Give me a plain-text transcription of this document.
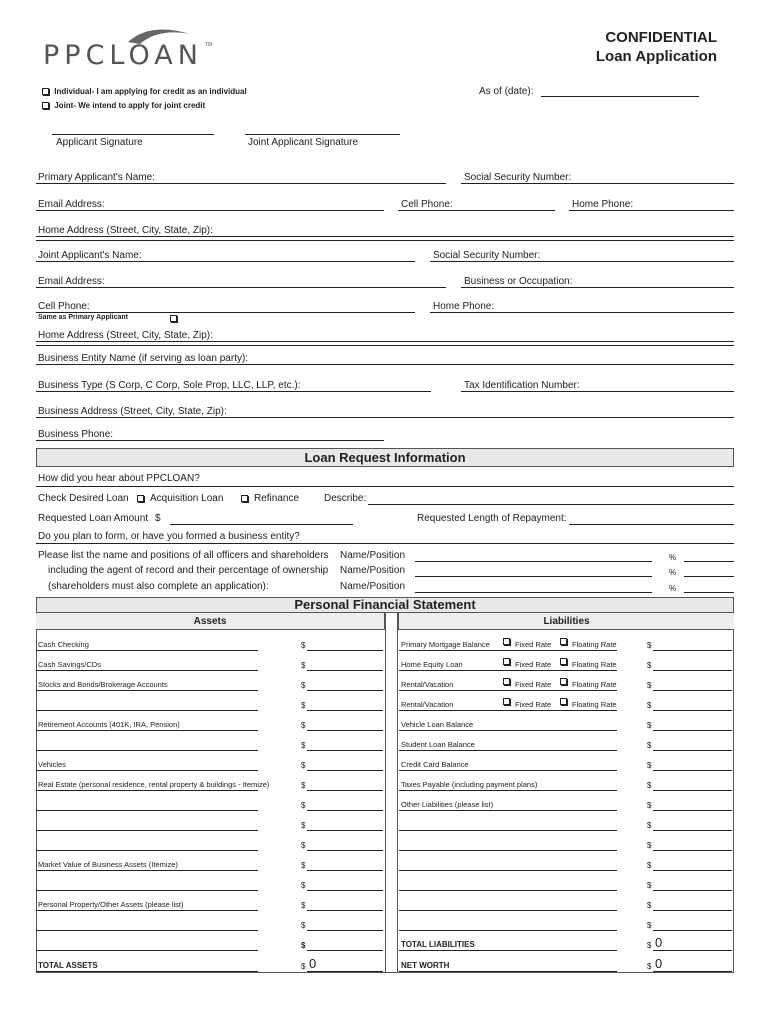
PPCLOAN TM	CONFIDENTIAL
Loan Application
Individual- I am applying for credit as an individual
Joint- We intend to apply for joint credit
As of (date):
Applicant Signature	Joint Applicant Signature
Primary Applicant's Name:	Social Security Number:
Email Address:	Cell Phone:	Home Phone:
Home Address (Street, City, State, Zip):
Joint Applicant's Name:	Social Security Number:
Email Address:	Business or Occupation:
Cell Phone:	Home Phone:
Same as Primary Applicant
Home Address (Street, City, State, Zip):
Business Entity Name (if serving as loan party):
Business Type (S Corp, C Corp, Sole Prop, LLC, LLP, etc.):	Tax Identification Number:
Business Address (Street, City, State, Zip):
Business Phone:
Loan Request Information
How did you hear about PPCLOAN?
Check Desired Loan Acquisition Loan	Refinance Describe:
Requested Loan Amount $	Requested Length of Repayment:
Do you plan to form, or have you formed a business entity?
Please list the name and positions of all officers and shareholders
including the agent of record and their percentage of ownership
(shareholders must also complete an application):
Name/Position	%
Name/Position	%
Name/Position	%
Personal Financial Statement
Assets	Liabilities
Cash Checking	$	Primary Mortgage Balance	Fixed Rate	Floating Rate	$
Cash Savings/CDs	$	Home Equity Loan	Fixed Rate	Floating Rate	$
Stocks and Bonds/Brokerage Accounts	$	Rental/Vacation	Fixed Rate	Floating Rate	$
$	Rental/Vacation	Fixed Rate	Floating Rate	$
Retirement Accounts (401K, IRA, Pension)	$	Vehicle Loan Balance	$
$	Student Loan Balance	$
Vehicles	$	Credit Card Balance	$
Real Estate (personal residence, rental property & buildings - Itemize)	$	Taxes Payable (including payment plans)	$
$	Other Liabilities (please list)	$
$	$
$	$
Market Value of Business Assets (Itemize)	$	$
$	$
Personal Property/Other Assets (please list)	$	$
$	$
$	TOTAL LIABILITIES	$ 0
TOTAL ASSETS	$ 0	NET WORTH	$ 0
